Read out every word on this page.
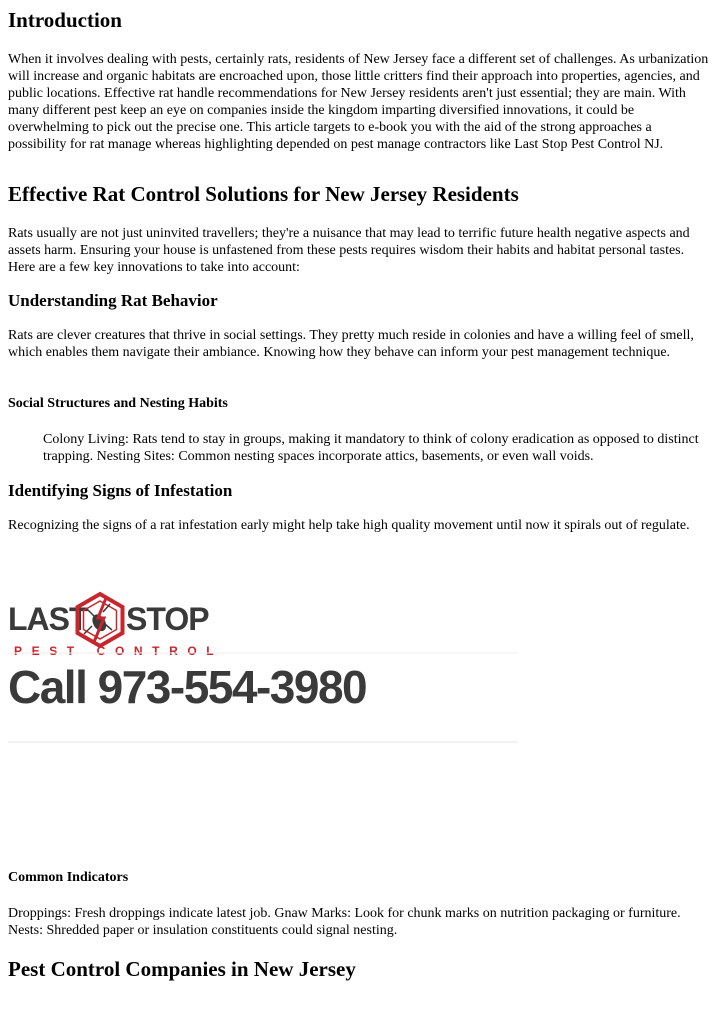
Introduction

When it involves dealing with pests, certainly rats, residents of New Jersey face a different set of challenges. As urbanization will increase and organic habitats are encroached upon, those little critters find their approach into properties, agencies, and public locations. Effective rat handle recommendations for New Jersey residents aren't just essential; they are main. With many different pest keep an eye on companies inside the kingdom imparting diversified innovations, it could be overwhelming to pick out the precise one. This article targets to e-book you with the aid of the strong approaches a possibility for rat manage whereas highlighting depended on pest manage contractors like Last Stop Pest Control NJ.

Effective Rat Control Solutions for New Jersey Residents

Rats usually are not just uninvited travellers; they're a nuisance that may lead to terrific future health negative aspects and assets harm. Ensuring your house is unfastened from these pests requires wisdom their habits and habitat personal tastes. Here are a few key innovations to take into account:

Understanding Rat Behavior

Rats are clever creatures that thrive in social settings. They pretty much reside in colonies and have a willing feel of smell, which enables them navigate their ambiance. Knowing how they behave can inform your pest management technique.

Social Structures and Nesting Habits

Colony Living: Rats tend to stay in groups, making it mandatory to think of colony eradication as opposed to distinct trapping. Nesting Sites: Common nesting spaces incorporate attics, basements, or even wall voids.

Identifying Signs of Infestation

Recognizing the signs of a rat infestation early might help take high quality movement until now it spirals out of regulate.

LAST STOP
PEST CONTROL
Call 973-554-3980
Common Indicators

Droppings: Fresh droppings indicate latest job. Gnaw Marks: Look for chunk marks on nutrition packaging or furniture. Nests: Shredded paper or insulation constituents could signal nesting.

Pest Control Companies in New Jersey
